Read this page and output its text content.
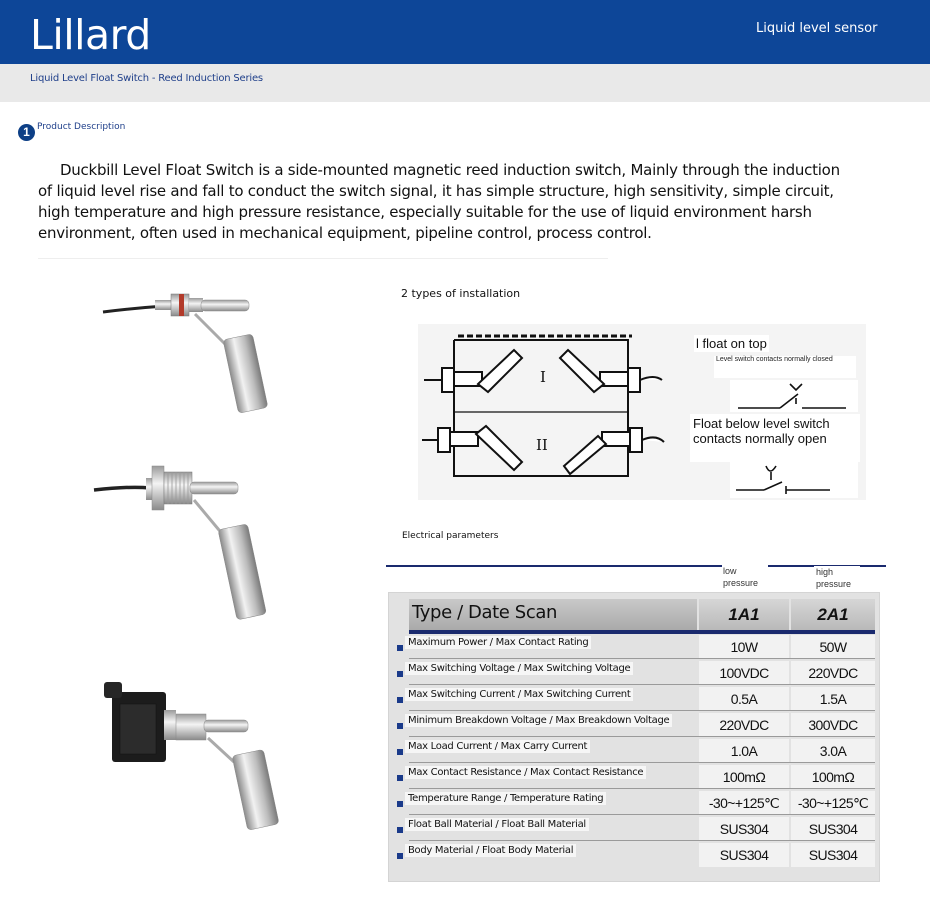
Lillard	Liquid level sensor
Liquid Level Float Switch - Reed Induction Series
1 Product Description

Duckbill Level Float Switch is a side-mounted magnetic reed induction switch, Mainly through the induction of liquid level rise and fall to conduct the switch signal, it has simple structure, high sensitivity, simple circuit, high temperature and high pressure resistance, especially suitable for the use of liquid environment harsh environment, often used in mechanical equipment, pipeline control, process control.

2 types of installation
I
II
l float on top
Level switch contacts normally closed
Float below level switch contacts normally open
Electrical parameters
low pressure
high pressure
Type / Date Scan	1A1	2A1
Maximum Power / Max Contact Rating	10W	50W
Max Switching Voltage / Max Switching Voltage	100VDC	220VDC
Max Switching Current / Max Switching Current	0.5A	1.5A
Minimum Breakdown Voltage / Max Breakdown Voltage	220VDC	300VDC
Max Load Current / Max Carry Current	1.0A	3.0A
Max Contact Resistance / Max Contact Resistance	100mΩ	100mΩ
Temperature Range / Temperature Rating	-30~+125℃	-30~+125℃
Float Ball Material / Float Ball Material	SUS304	SUS304
Body Material / Float Body Material	SUS304	SUS304
